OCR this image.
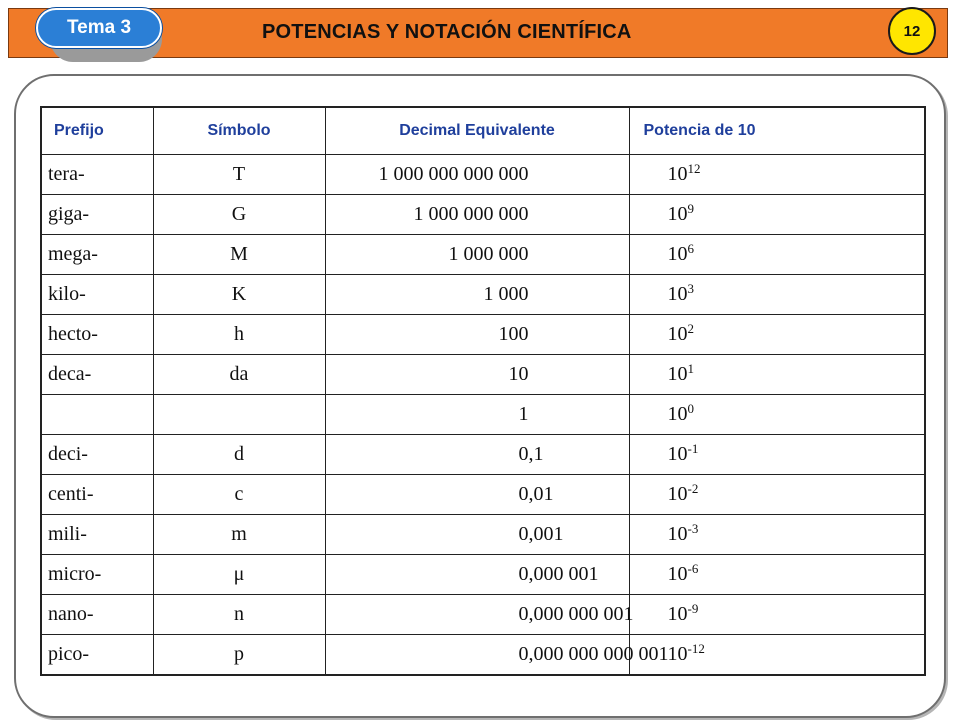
Tema 3	POTENCIAS Y NOTACIÓN CIENTÍFICA	12
Prefijo	Símbolo	Decimal Equivalente	Potencia de 10
tera-	T	1 000 000 000 000	$10^{12}$
giga-	G	1 000 000 000	$10^9$
mega-	M	1 000 000	$10^6$
kilo-	K	1 000	$10^3$
hecto-	h	100	$10^2$
deca-	da	10	$10^1$

		1	$10^0$
deci-	d	0,1	$10^{-1}$
centi-	c	0,01	$10^{-2}$
mili-	m	0,001	$10^{-3}$
micro-	μ	0,000 001	$10^{-6}$
nano-	n	0,000 000 001	$10^{-9}$
pico-	p	0,000 000 000 001	$10^{-12}$
